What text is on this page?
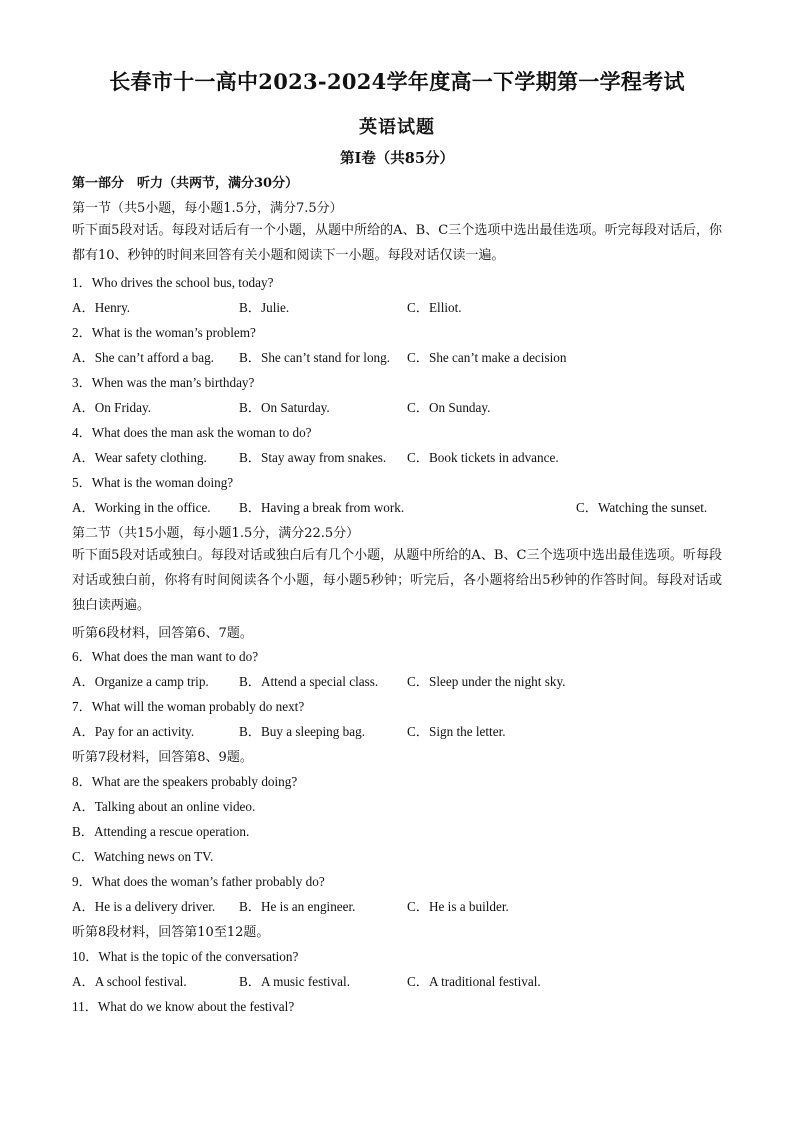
长春市十一高中2023-2024学年度高一下学期第一学程考试
英语试题
第Ⅰ卷（共85分）
第一部分　听力（共两节，满分30分）
第一节（共5小题，每小题1.5分，满分7.5分）
听下面5段对话。每段对话后有一个小题，从题中所给的A、B、C三个选项中选出最佳选项。听完每段对话后，你都有10、秒钟的时间来回答有关小题和阅读下一小题。每段对话仅读一遍。
1．Who drives the school bus, today?
A．Henry.	B．Julie.	C．Elliot.
2．What is the woman’s problem?
A．She can’t afford a bag. B．She can’t stand for long. C．She can’t make a decision
3．When was the man’s birthday?
A．On Friday.	B．On Saturday.	C．On Sunday.
4．What does the man ask the woman to do?
A．Wear safety clothing. B．Stay away from snakes. C．Book tickets in advance.
5．What is the woman doing?
A．Working in the office. B．Having a break from work.	C．Watching the sunset.
第二节（共15小题，每小题1.5分，满分22.5分）
听下面5段对话或独白。每段对话或独白后有几个小题，从题中所给的A、B、C三个选项中选出最佳选项。听每段对话或独白前，你将有时间阅读各个小题，每小题5秒钟；听完后，各小题将给出5秒钟的作答时间。每段对话或独白读两遍。
听第6段材料，回答第6、7题。
6．What does the man want to do?
A．Organize a camp trip. B．Attend a special class. C．Sleep under the night sky.
7．What will the woman probably do next?
A．Pay for an activity.	B．Buy a sleeping bag.	C．Sign the letter.
听第7段材料，回答第8、9题。
8．What are the speakers probably doing?
A．Talking about an online video.
B．Attending a rescue operation.
C．Watching news on TV.
9．What does the woman’s father probably do?
A．He is a delivery driver. B．He is an engineer.	C．He is a builder.
听第8段材料，回答第10至12题。
10．What is the topic of the conversation?
A．A school festival.	B．A music festival.	C．A traditional festival.
11．What do we know about the festival?
